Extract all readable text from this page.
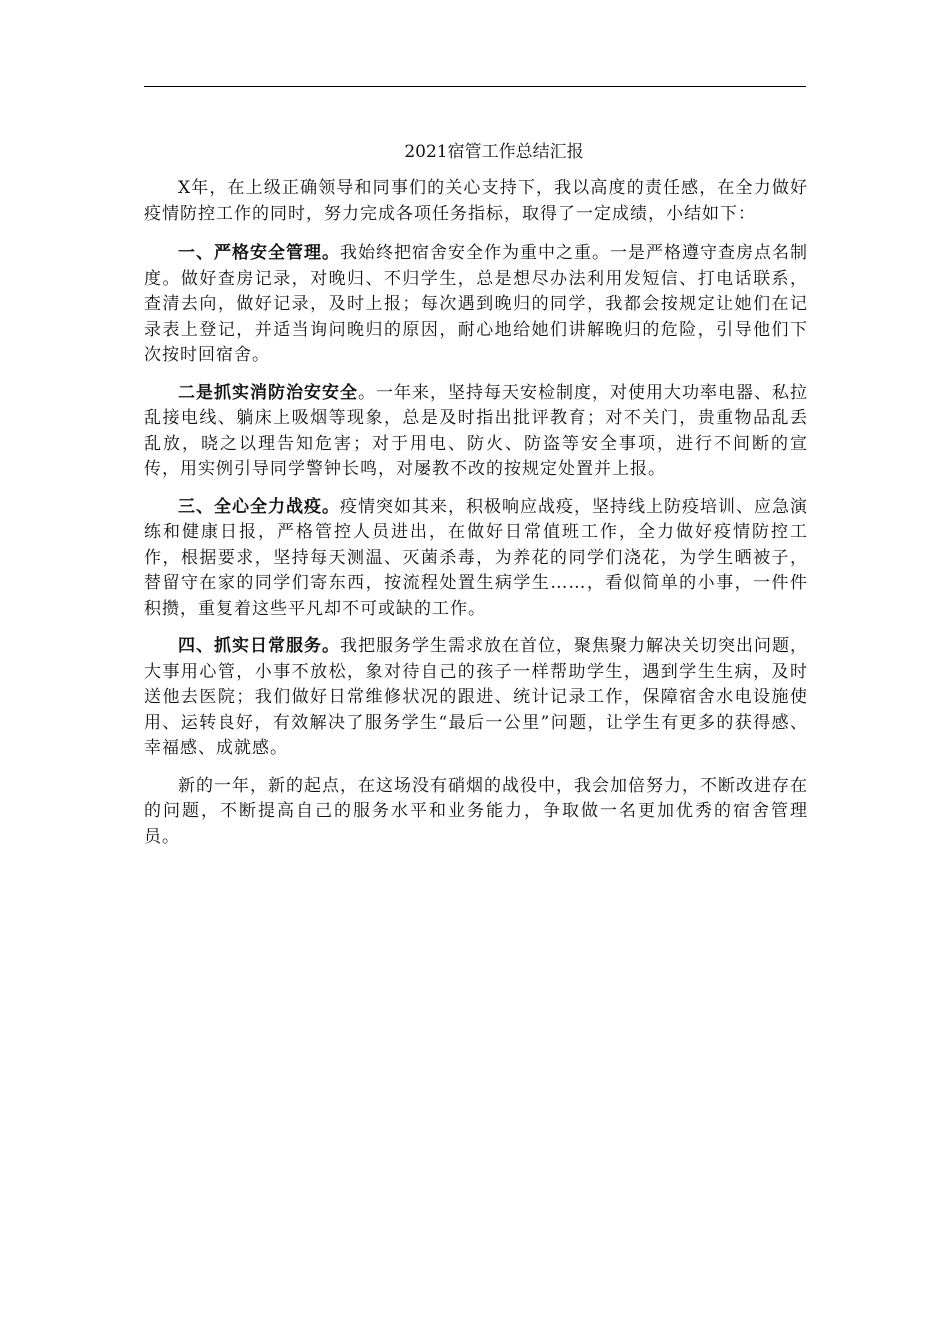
2021宿管工作总结汇报

X年，在上级正确领导和同事们的关心支持下，我以高度的责任感，在全力做好疫情防控工作的同时，努力完成各项任务指标，取得了一定成绩，小结如下：

一、严格安全管理。我始终把宿舍安全作为重中之重。一是严格遵守查房点名制度。做好查房记录，对晚归、不归学生，总是想尽办法利用发短信、打电话联系，查清去向，做好记录，及时上报；每次遇到晚归的同学，我都会按规定让她们在记录表上登记，并适当询问晚归的原因，耐心地给她们讲解晚归的危险，引导他们下次按时回宿舍。

二是抓实消防治安安全。一年来，坚持每天安检制度，对使用大功率电器、私拉乱接电线、躺床上吸烟等现象，总是及时指出批评教育；对不关门，贵重物品乱丢乱放，晓之以理告知危害；对于用电、防火、防盗等安全事项，进行不间断的宣传，用实例引导同学警钟长鸣，对屡教不改的按规定处置并上报。

三、全心全力战疫。疫情突如其来，积极响应战疫，坚持线上防疫培训、应急演练和健康日报，严格管控人员进出，在做好日常值班工作，全力做好疫情防控工作，根据要求，坚持每天测温、灭菌杀毒，为养花的同学们浇花，为学生晒被子，替留守在家的同学们寄东西，按流程处置生病学生……，看似简单的小事，一件件积攒，重复着这些平凡却不可或缺的工作。

四、抓实日常服务。我把服务学生需求放在首位，聚焦聚力解决关切突出问题，大事用心管，小事不放松，象对待自己的孩子一样帮助学生，遇到学生生病，及时送他去医院；我们做好日常维修状况的跟进、统计记录工作，保障宿舍水电设施使用、运转良好，有效解决了服务学生“最后一公里”问题，让学生有更多的获得感、幸福感、成就感。

新的一年，新的起点，在这场没有硝烟的战役中，我会加倍努力，不断改进存在的问题，不断提高自己的服务水平和业务能力，争取做一名更加优秀的宿舍管理员。
